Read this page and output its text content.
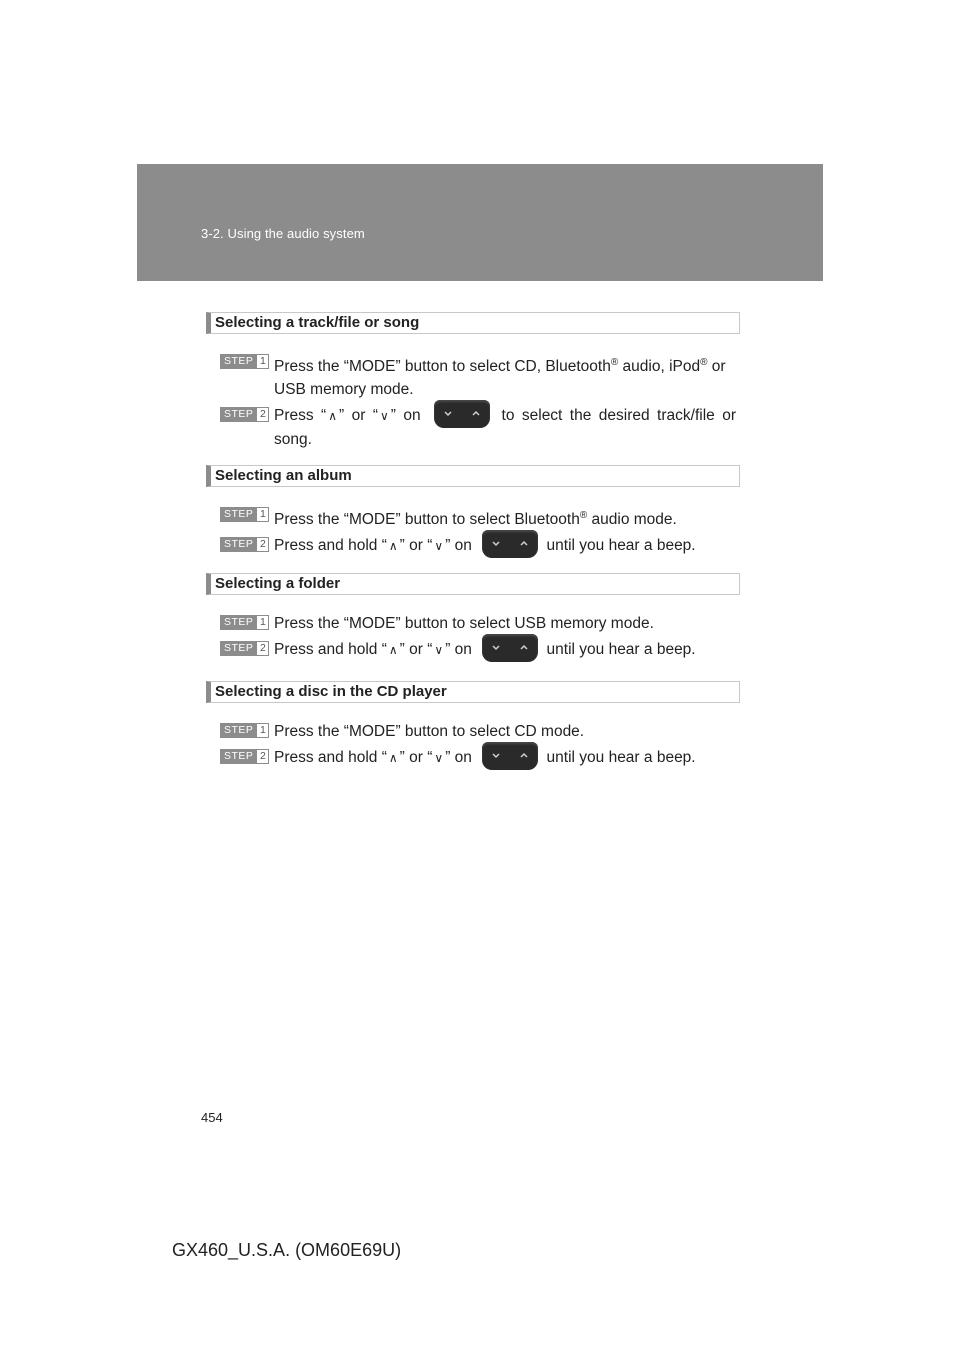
3-2. Using the audio system
Selecting a track/file or song
STEP 1 Press the “MODE” button to select CD, Bluetooth® audio, iPod® or USB memory mode.
STEP 2 Press “ ∧ ” or “ ∨ ” on	to select the desired track/file or song.
Selecting an album
STEP 1 Press the “MODE” button to select Bluetooth® audio mode.
STEP 2 Press and hold “ ∧ ” or “ ∨ ” on	until you hear a beep.
Selecting a folder
STEP 1 Press the “MODE” button to select USB memory mode.
STEP 2 Press and hold “ ∧ ” or “ ∨ ” on	until you hear a beep.
Selecting a disc in the CD player
STEP 1 Press the “MODE” button to select CD mode.
STEP 2 Press and hold “ ∧ ” or “ ∨ ” on	until you hear a beep.
454
GX460_U.S.A. (OM60E69U)
